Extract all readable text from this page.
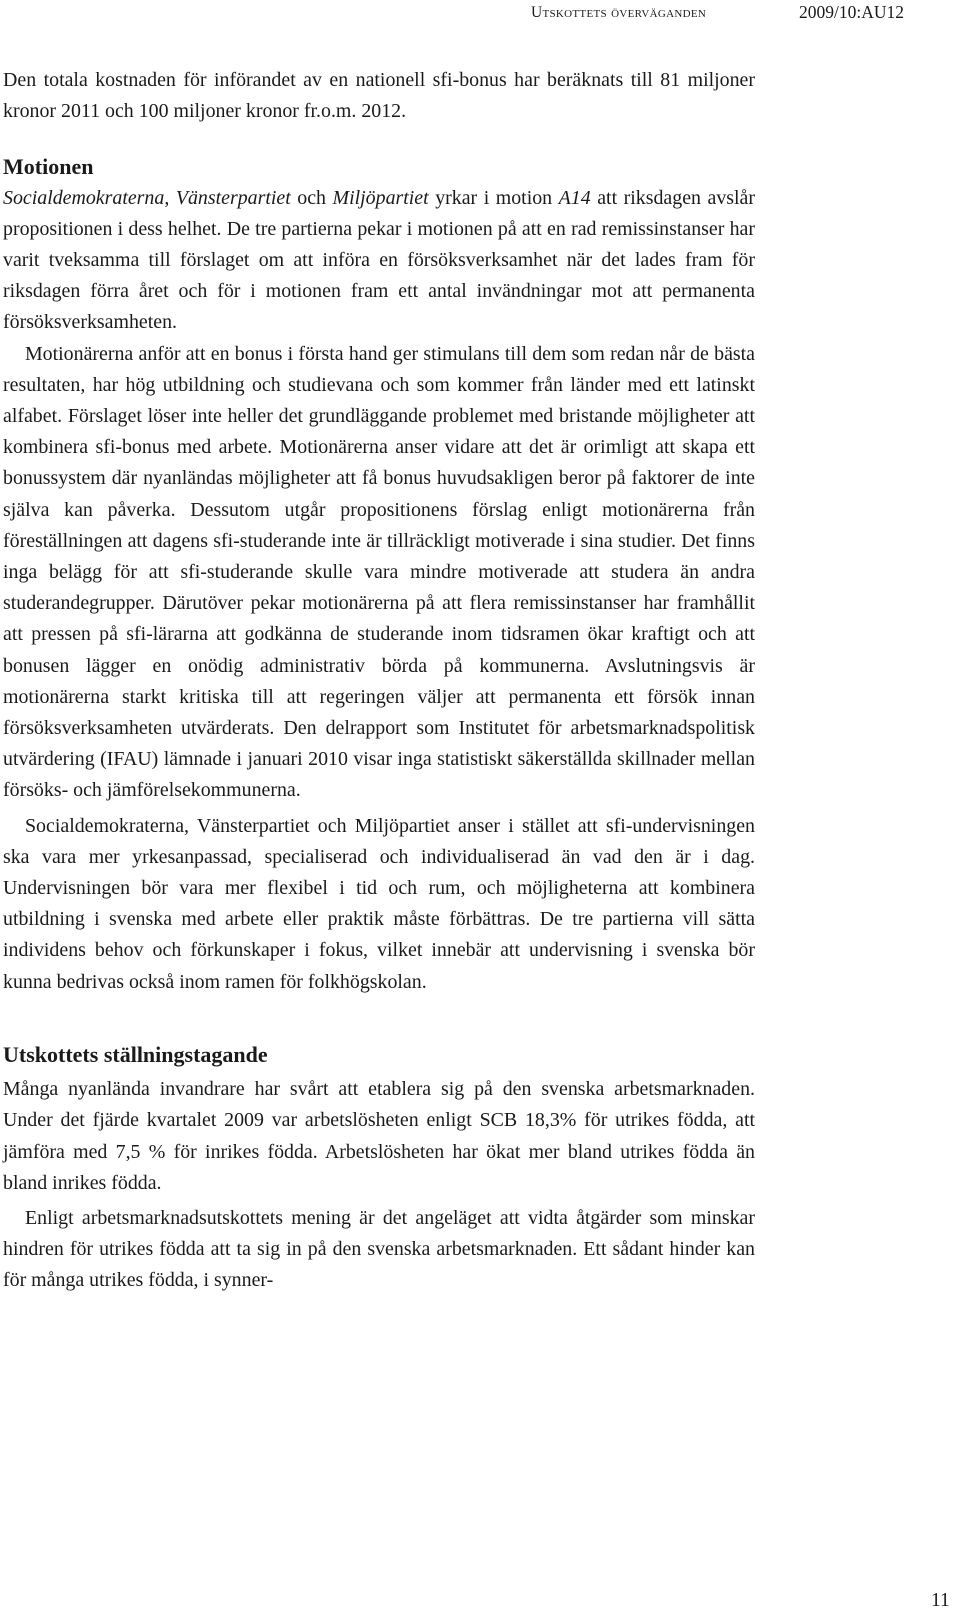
Utskottets överväganden	2009/10:AU12

Den totala kostnaden för införandet av en nationell sfi-bonus har beräknats till 81 miljoner kronor 2011 och 100 miljoner kronor fr.o.m. 2012.

Motionen

Socialdemokraterna, Vänsterpartiet och Miljöpartiet yrkar i motion A14 att riksdagen avslår propositionen i dess helhet. De tre partierna pekar i motionen på att en rad remissinstanser har varit tveksamma till förslaget om att införa en försöksverksamhet när det lades fram för riksdagen förra året och för i motionen fram ett antal invändningar mot att permanenta försöksverksamheten.

Motionärerna anför att en bonus i första hand ger stimulans till dem som redan når de bästa resultaten, har hög utbildning och studievana och som kommer från länder med ett latinskt alfabet. Förslaget löser inte heller det grundläggande problemet med bristande möjligheter att kombinera sfi-bonus med arbete. Motionärerna anser vidare att det är orimligt att skapa ett bonussystem där nyanländas möjligheter att få bonus huvudsakligen beror på faktorer de inte själva kan påverka. Dessutom utgår propositionens förslag enligt motionärerna från föreställningen att dagens sfi-studerande inte är tillräckligt motiverade i sina studier. Det finns inga belägg för att sfi-studerande skulle vara mindre motiverade att studera än andra studerandegrupper. Därutöver pekar motionärerna på att flera remissinstanser har framhållit att pressen på sfi-lärarna att godkänna de studerande inom tidsramen ökar kraftigt och att bonusen lägger en onödig administrativ börda på kommunerna. Avslutningsvis är motionärerna starkt kritiska till att regeringen väljer att permanenta ett försök innan försöksverksamheten utvärderats. Den delrapport som Institutet för arbetsmarknadspolitisk utvärdering (IFAU) lämnade i januari 2010 visar inga statistiskt säkerställda skillnader mellan försöks- och jämförelsekommunerna.

Socialdemokraterna, Vänsterpartiet och Miljöpartiet anser i stället att sfi-undervisningen ska vara mer yrkesanpassad, specialiserad och individualiserad än vad den är i dag. Undervisningen bör vara mer flexibel i tid och rum, och möjligheterna att kombinera utbildning i svenska med arbete eller praktik måste förbättras. De tre partierna vill sätta individens behov och förkunskaper i fokus, vilket innebär att undervisning i svenska bör kunna bedrivas också inom ramen för folkhögskolan.

Utskottets ställningstagande

Många nyanlända invandrare har svårt att etablera sig på den svenska arbetsmarknaden. Under det fjärde kvartalet 2009 var arbetslösheten enligt SCB 18,3% för utrikes födda, att jämföra med 7,5 % för inrikes födda. Arbetslösheten har ökat mer bland utrikes födda än bland inrikes födda.

Enligt arbetsmarknadsutskottets mening är det angeläget att vidta åtgärder som minskar hindren för utrikes födda att ta sig in på den svenska arbetsmarknaden. Ett sådant hinder kan för många utrikes födda, i synner-

11
